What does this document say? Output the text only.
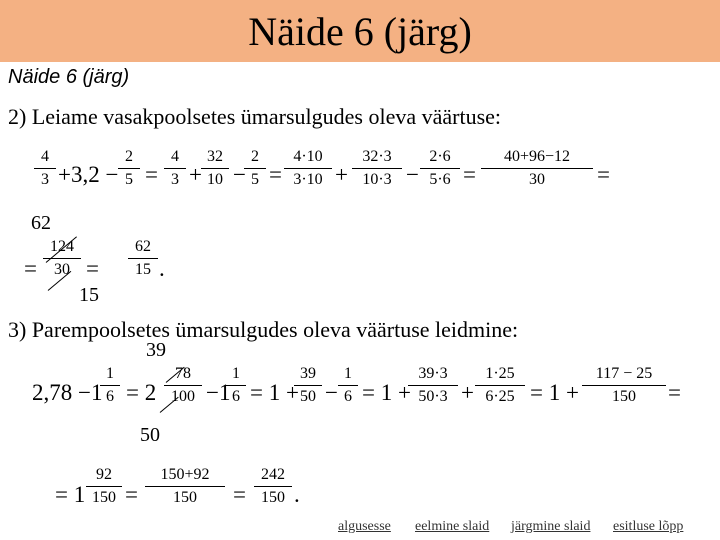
Näide 6 (järg)
Näide 6 (järg)
2) Leiame vasakpoolsetes ümarsulgudes oleva väärtuse:
4
3 +3,2 −
2
5 =
4
3 +
32
10 −
2
5 =
4·10
3·10 +
32·3
10·3 −
2·6
5·6 =
40+96−12
30	=
62
=
124
30 =
15
62
15 .
3) Parempoolsetes ümarsulgudes oleva väärtuse leidmine:
39
2,78 −1
1
6 = 2
78
100 −1
1
6 = 1 +
39
50 −
1
6 = 1 +
39·3
50·3 +
1·25
6·25 = 1 +
117 − 25
150	=
50
= 1
92
150 =
150+92
150	=
242
150 .
algusesse eelmine slaid järgmine slaid esitluse lõpp
